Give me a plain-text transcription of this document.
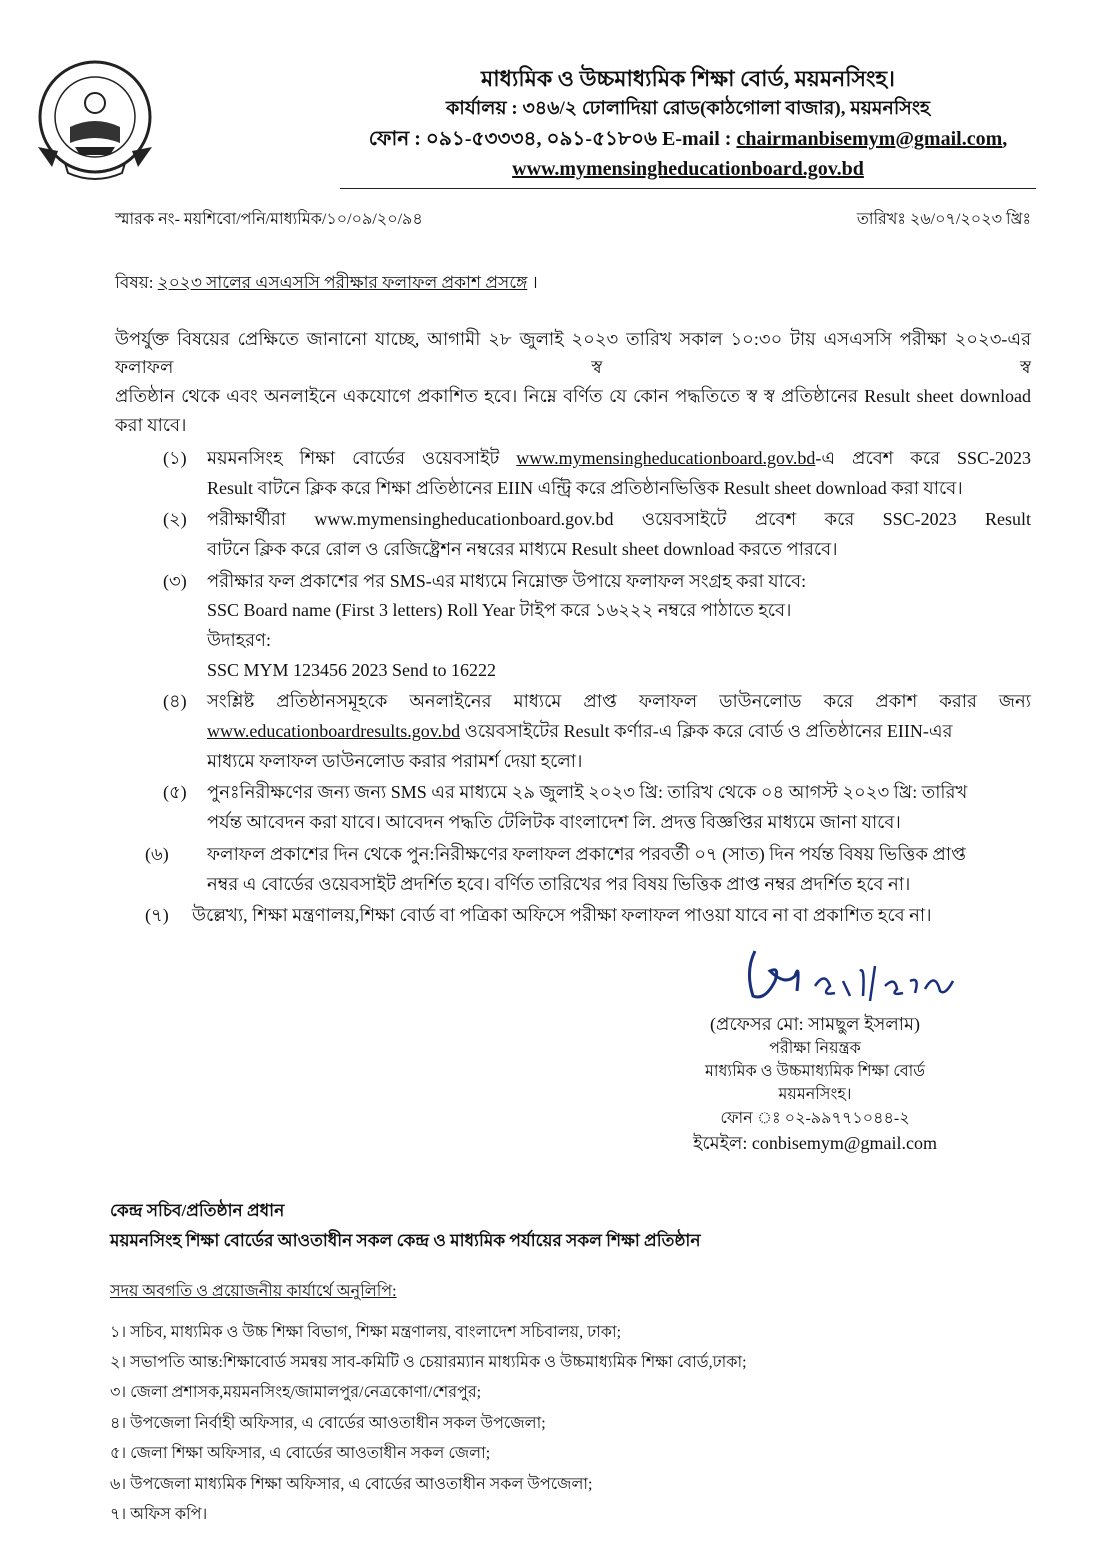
মাধ্যমিক ও উচ্চমাধ্যমিক শিক্ষা বোর্ড, ময়মনসিংহ।
কার্যালয় : ৩৪৬/২ ঢোলাদিয়া রোড(কাঠগোলা বাজার), ময়মনসিংহ
ফোন : ০৯১-৫৩৩৩৪, ০৯১-৫১৮০৬ E-mail : chairmanbisemym@gmail.com,
www.mymensingheducationboard.gov.bd
স্মারক নং- ময়শিবো/পনি/মাধ্যমিক/১০/০৯/২০/৯৪	তারিখঃ ২৬/০৭/২০২৩ খ্রিঃ
বিষয়: ২০২৩ সালের এসএসসি পরীক্ষার ফলাফল প্রকাশ প্রসঙ্গে ।
উপর্যুক্ত বিষয়ের প্রেক্ষিতে জানানো যাচ্ছে, আগামী ২৮ জুলাই ২০২৩ তারিখ সকাল ১০:৩০ টায় এসএসসি পরীক্ষা ২০২৩-এর ফলাফল স্ব স্ব
প্রতিষ্ঠান থেকে এবং অনলাইনে একযোগে প্রকাশিত হবে। নিম্নে বর্ণিত যে কোন পদ্ধতিতে স্ব স্ব প্রতিষ্ঠানের Result sheet download
করা যাবে।
(১)	ময়মনসিংহ শিক্ষা বোর্ডের ওয়েবসাইট www.mymensingheducationboard.gov.bd-এ প্রবেশ করে SSC-2023
Result বাটনে ক্লিক করে শিক্ষা প্রতিষ্ঠানের EIIN এন্ট্রি করে প্রতিষ্ঠানভিত্তিক Result sheet download করা যাবে।
(২)	পরীক্ষার্থীরা www.mymensingheducationboard.gov.bd ওয়েবসাইটে প্রবেশ করে SSC-2023 Result
বাটনে ক্লিক করে রোল ও রেজিষ্ট্রেশন নম্বরের মাধ্যমে Result sheet download করতে পারবে।
(৩)	পরীক্ষার ফল প্রকাশের পর SMS-এর মাধ্যমে নিম্নোক্ত উপায়ে ফলাফল সংগ্রহ করা যাবে:
SSC Board name (First 3 letters) Roll Year টাইপ করে ১৬২২২ নম্বরে পাঠাতে হবে।
উদাহরণ:
SSC MYM 123456 2023 Send to 16222
(৪)	সংশ্লিষ্ট প্রতিষ্ঠানসমূহকে অনলাইনের মাধ্যমে প্রাপ্ত ফলাফল ডাউনলোড করে প্রকাশ করার জন্য
www.educationboardresults.gov.bd ওয়েবসাইটের Result কর্ণার-এ ক্লিক করে বোর্ড ও প্রতিষ্ঠানের EIIN-এর
মাধ্যমে ফলাফল ডাউনলোড করার পরামর্শ দেয়া হলো।
(৫)	পুনঃনিরীক্ষণের জন্য জন্য SMS এর মাধ্যমে ২৯ জুলাই ২০২৩ খ্রি: তারিখ থেকে ০৪ আগস্ট ২০২৩ খ্রি: তারিখ
পর্যন্ত আবেদন করা যাবে। আবেদন পদ্ধতি টেলিটক বাংলাদেশ লি. প্রদত্ত বিজ্ঞপ্তির মাধ্যমে জানা যাবে।
(৬)	ফলাফল প্রকাশের দিন থেকে পুন:নিরীক্ষণের ফলাফল প্রকাশের পরবর্তী ০৭ (সাত) দিন পর্যন্ত বিষয় ভিত্তিক প্রাপ্ত
নম্বর এ বোর্ডের ওয়েবসাইট প্রদর্শিত হবে। বর্ণিত তারিখের পর বিষয় ভিত্তিক প্রাপ্ত নম্বর প্রদর্শিত হবে না।
(৭)	উল্লেখ্য, শিক্ষা মন্ত্রণালয়,শিক্ষা বোর্ড বা পত্রিকা অফিসে পরীক্ষা ফলাফল পাওয়া যাবে না বা প্রকাশিত হবে না।
(প্রফেসর মো: সামছুল ইসলাম)
পরীক্ষা নিয়ন্ত্রক
মাধ্যমিক ও উচ্চমাধ্যমিক শিক্ষা বোর্ড
ময়মনসিংহ।
ফোন ঃ ০২-৯৯৭৭১০৪৪-২
ইমেইল: conbisemym@gmail.com
কেন্দ্র সচিব/প্রতিষ্ঠান প্রধান
ময়মনসিংহ শিক্ষা বোর্ডের আওতাধীন সকল কেন্দ্র ও মাধ্যমিক পর্যায়ের সকল শিক্ষা প্রতিষ্ঠান
সদয় অবগতি ও প্রয়োজনীয় কার্যার্থে অনুলিপি:
১। সচিব, মাধ্যমিক ও উচ্চ শিক্ষা বিভাগ, শিক্ষা মন্ত্রণালয়, বাংলাদেশ সচিবালয়, ঢাকা;
২। সভাপতি আন্ত:শিক্ষাবোর্ড সমন্বয় সাব-কমিটি ও চেয়ারম্যান মাধ্যমিক ও উচ্চমাধ্যমিক শিক্ষা বোর্ড,ঢাকা;
৩। জেলা প্রশাসক,ময়মনসিংহ/জামালপুর/নেত্রকোণা/শেরপুর;
৪। উপজেলা নির্বাহী অফিসার, এ বোর্ডের আওতাধীন সকল উপজেলা;
৫। জেলা শিক্ষা অফিসার, এ বোর্ডের আওতাধীন সকল জেলা;
৬। উপজেলা মাধ্যমিক শিক্ষা অফিসার, এ বোর্ডের আওতাধীন সকল উপজেলা;
৭। অফিস কপি।
